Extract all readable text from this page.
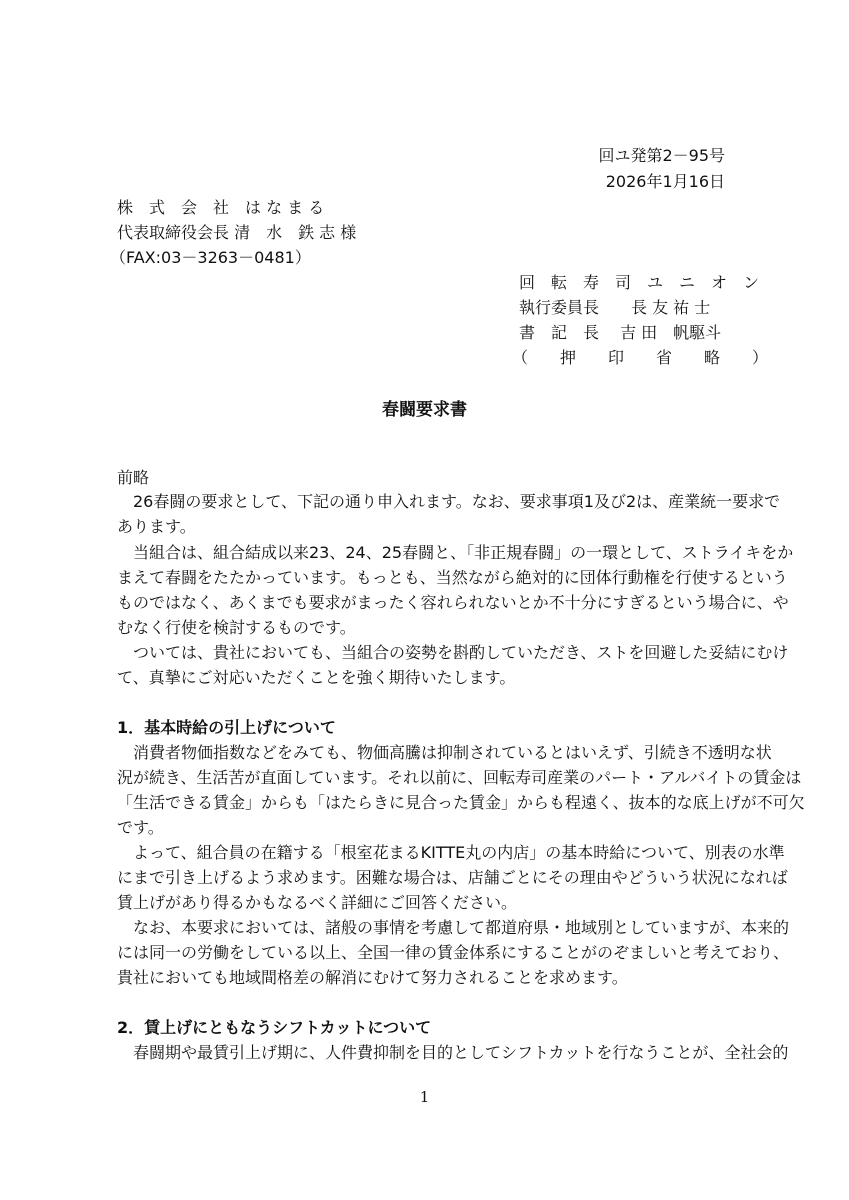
回ユ発第2－95号
2026年1月16日
株　式　会　社　は な ま る
代表取締役会長 清　水　鉄 志 様
（FAX:03－3263－0481）
回　転　寿　司　ユ　ニ　オ　ン
執行委員長　　長 友 祐 士
書　記　長　 吉 田　帆駆斗
（　　押　　印　　省　　略　　）
春闘要求書
前略
　26春闘の要求として、下記の通り申入れます。なお、要求事項1及び2は、産業統一要求で
あります。
　当組合は、組合結成以来23、24、25春闘と、「非正規春闘」の一環として、ストライキをか
まえて春闘をたたかっています。もっとも、当然ながら絶対的に団体行動権を行使するという
ものではなく、あくまでも要求がまったく容れられないとか不十分にすぎるという場合に、や
むなく行使を検討するものです。
　ついては、貴社においても、当組合の姿勢を斟酌していただき、ストを回避した妥結にむけ
て、真摯にご対応いただくことを強く期待いたします。
1．基本時給の引上げについて
　消費者物価指数などをみても、物価高騰は抑制されているとはいえず、引続き不透明な状
況が続き、生活苦が直面しています。それ以前に、回転寿司産業のパート・アルバイトの賃金は
「生活できる賃金」からも「はたらきに見合った賃金」からも程遠く、抜本的な底上げが不可欠
です。
　よって、組合員の在籍する「根室花まるKITTE丸の内店」の基本時給について、別表の水準
にまで引き上げるよう求めます。困難な場合は、店舗ごとにその理由やどういう状況になれば
賃上げがあり得るかもなるべく詳細にご回答ください。
　なお、本要求においては、諸般の事情を考慮して都道府県・地域別としていますが、本来的
には同一の労働をしている以上、全国一律の賃金体系にすることがのぞましいと考えており、
貴社においても地域間格差の解消にむけて努力されることを求めます。
2．賃上げにともなうシフトカットについて
　春闘期や最賃引上げ期に、人件費抑制を目的としてシフトカットを行なうことが、全社会的
1
